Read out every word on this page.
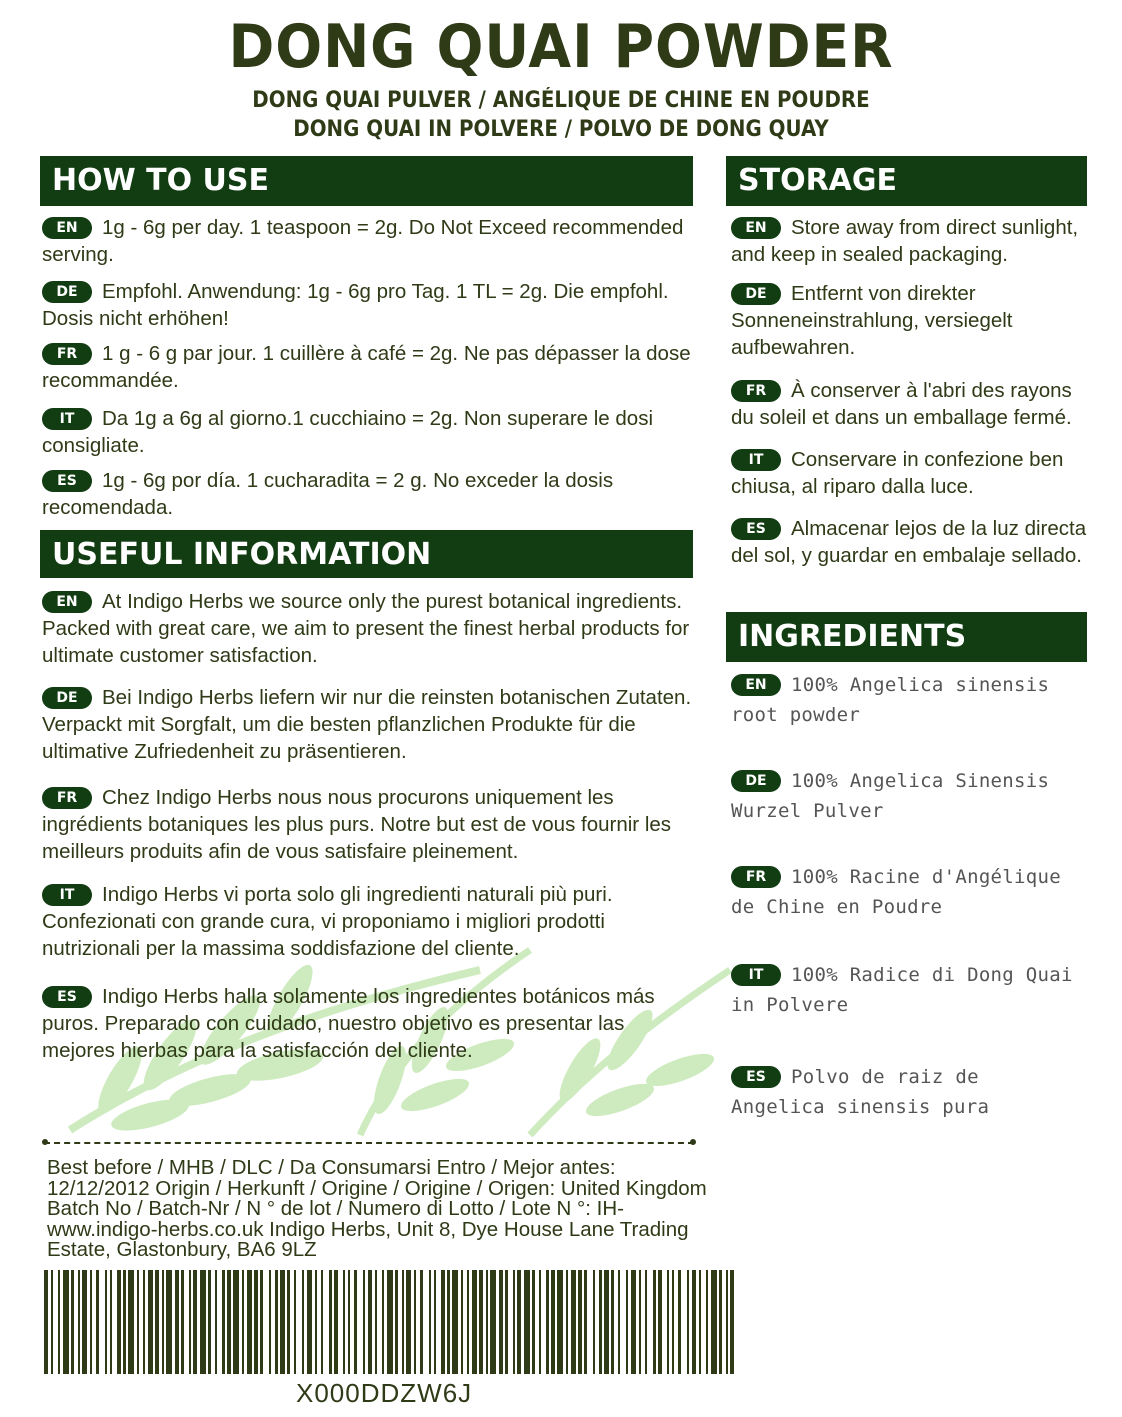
DONG QUAI POWDER
DONG QUAI PULVER / ANGÉLIQUE DE CHINE EN POUDRE
DONG QUAI IN POLVERE / POLVO DE DONG QUAY
HOW TO USE
EN 1g - 6g per day. 1 teaspoon = 2g. Do Not Exceed recommended serving.
DE Empfohl. Anwendung: 1g - 6g pro Tag. 1 TL = 2g. Die empfohl. Dosis nicht erhöhen!
FR 1 g - 6 g par jour. 1 cuillère à café = 2g. Ne pas dépasser la dose recommandée.
IT Da 1g a 6g al giorno.1 cucchiaino = 2g. Non superare le dosi consigliate.
ES 1g - 6g por día. 1 cucharadita = 2 g. No exceder la dosis recomendada.
USEFUL INFORMATION
EN At Indigo Herbs we source only the purest botanical ingredients. Packed with great care, we aim to present the finest herbal products for ultimate customer satisfaction.
DE Bei Indigo Herbs liefern wir nur die reinsten botanischen Zutaten. Verpackt mit Sorgfalt, um die besten pflanzlichen Produkte für die ultimative Zufriedenheit zu präsentieren.
FR Chez Indigo Herbs nous nous procurons uniquement les ingrédients botaniques les plus purs. Notre but est de vous fournir les meilleurs produits afin de vous satisfaire pleinement.
IT Indigo Herbs vi porta solo gli ingredienti naturali più puri. Confezionati con grande cura, vi proponiamo i migliori prodotti nutrizionali per la massima soddisfazione del cliente.
ES Indigo Herbs halla solamente los ingredientes botánicos más puros. Preparado con cuidado, nuestro objetivo es presentar las mejores hierbas para la satisfacción del cliente.
STORAGE
EN Store away from direct sunlight, and keep in sealed packaging.
DE Entfernt von direkter Sonneneinstrahlung, versiegelt aufbewahren.
FR À conserver à l'abri des rayons du soleil et dans un emballage fermé.
IT Conservare in confezione ben chiusa, al riparo dalla luce.
ES Almacenar lejos de la luz directa del sol, y guardar en embalaje sellado.
INGREDIENTS
EN 100% Angelica sinensis root powder
DE 100% Angelica Sinensis Wurzel Pulver
FR 100% Racine d'Angélique de Chine en Poudre
IT 100% Radice di Dong Quai in Polvere
ES Polvo de raiz de Angelica sinensis pura
Best before / MHB / DLC / Da Consumarsi Entro / Mejor antes: 12/12/2012 Origin / Herkunft / Origine / Origine / Origen: United Kingdom Batch No / Batch-Nr / N ° de lot / Numero di Lotto / Lote N °: IH- www.indigo-herbs.co.uk Indigo Herbs, Unit 8, Dye House Lane Trading Estate, Glastonbury, BA6 9LZ
X000DDZW6J
